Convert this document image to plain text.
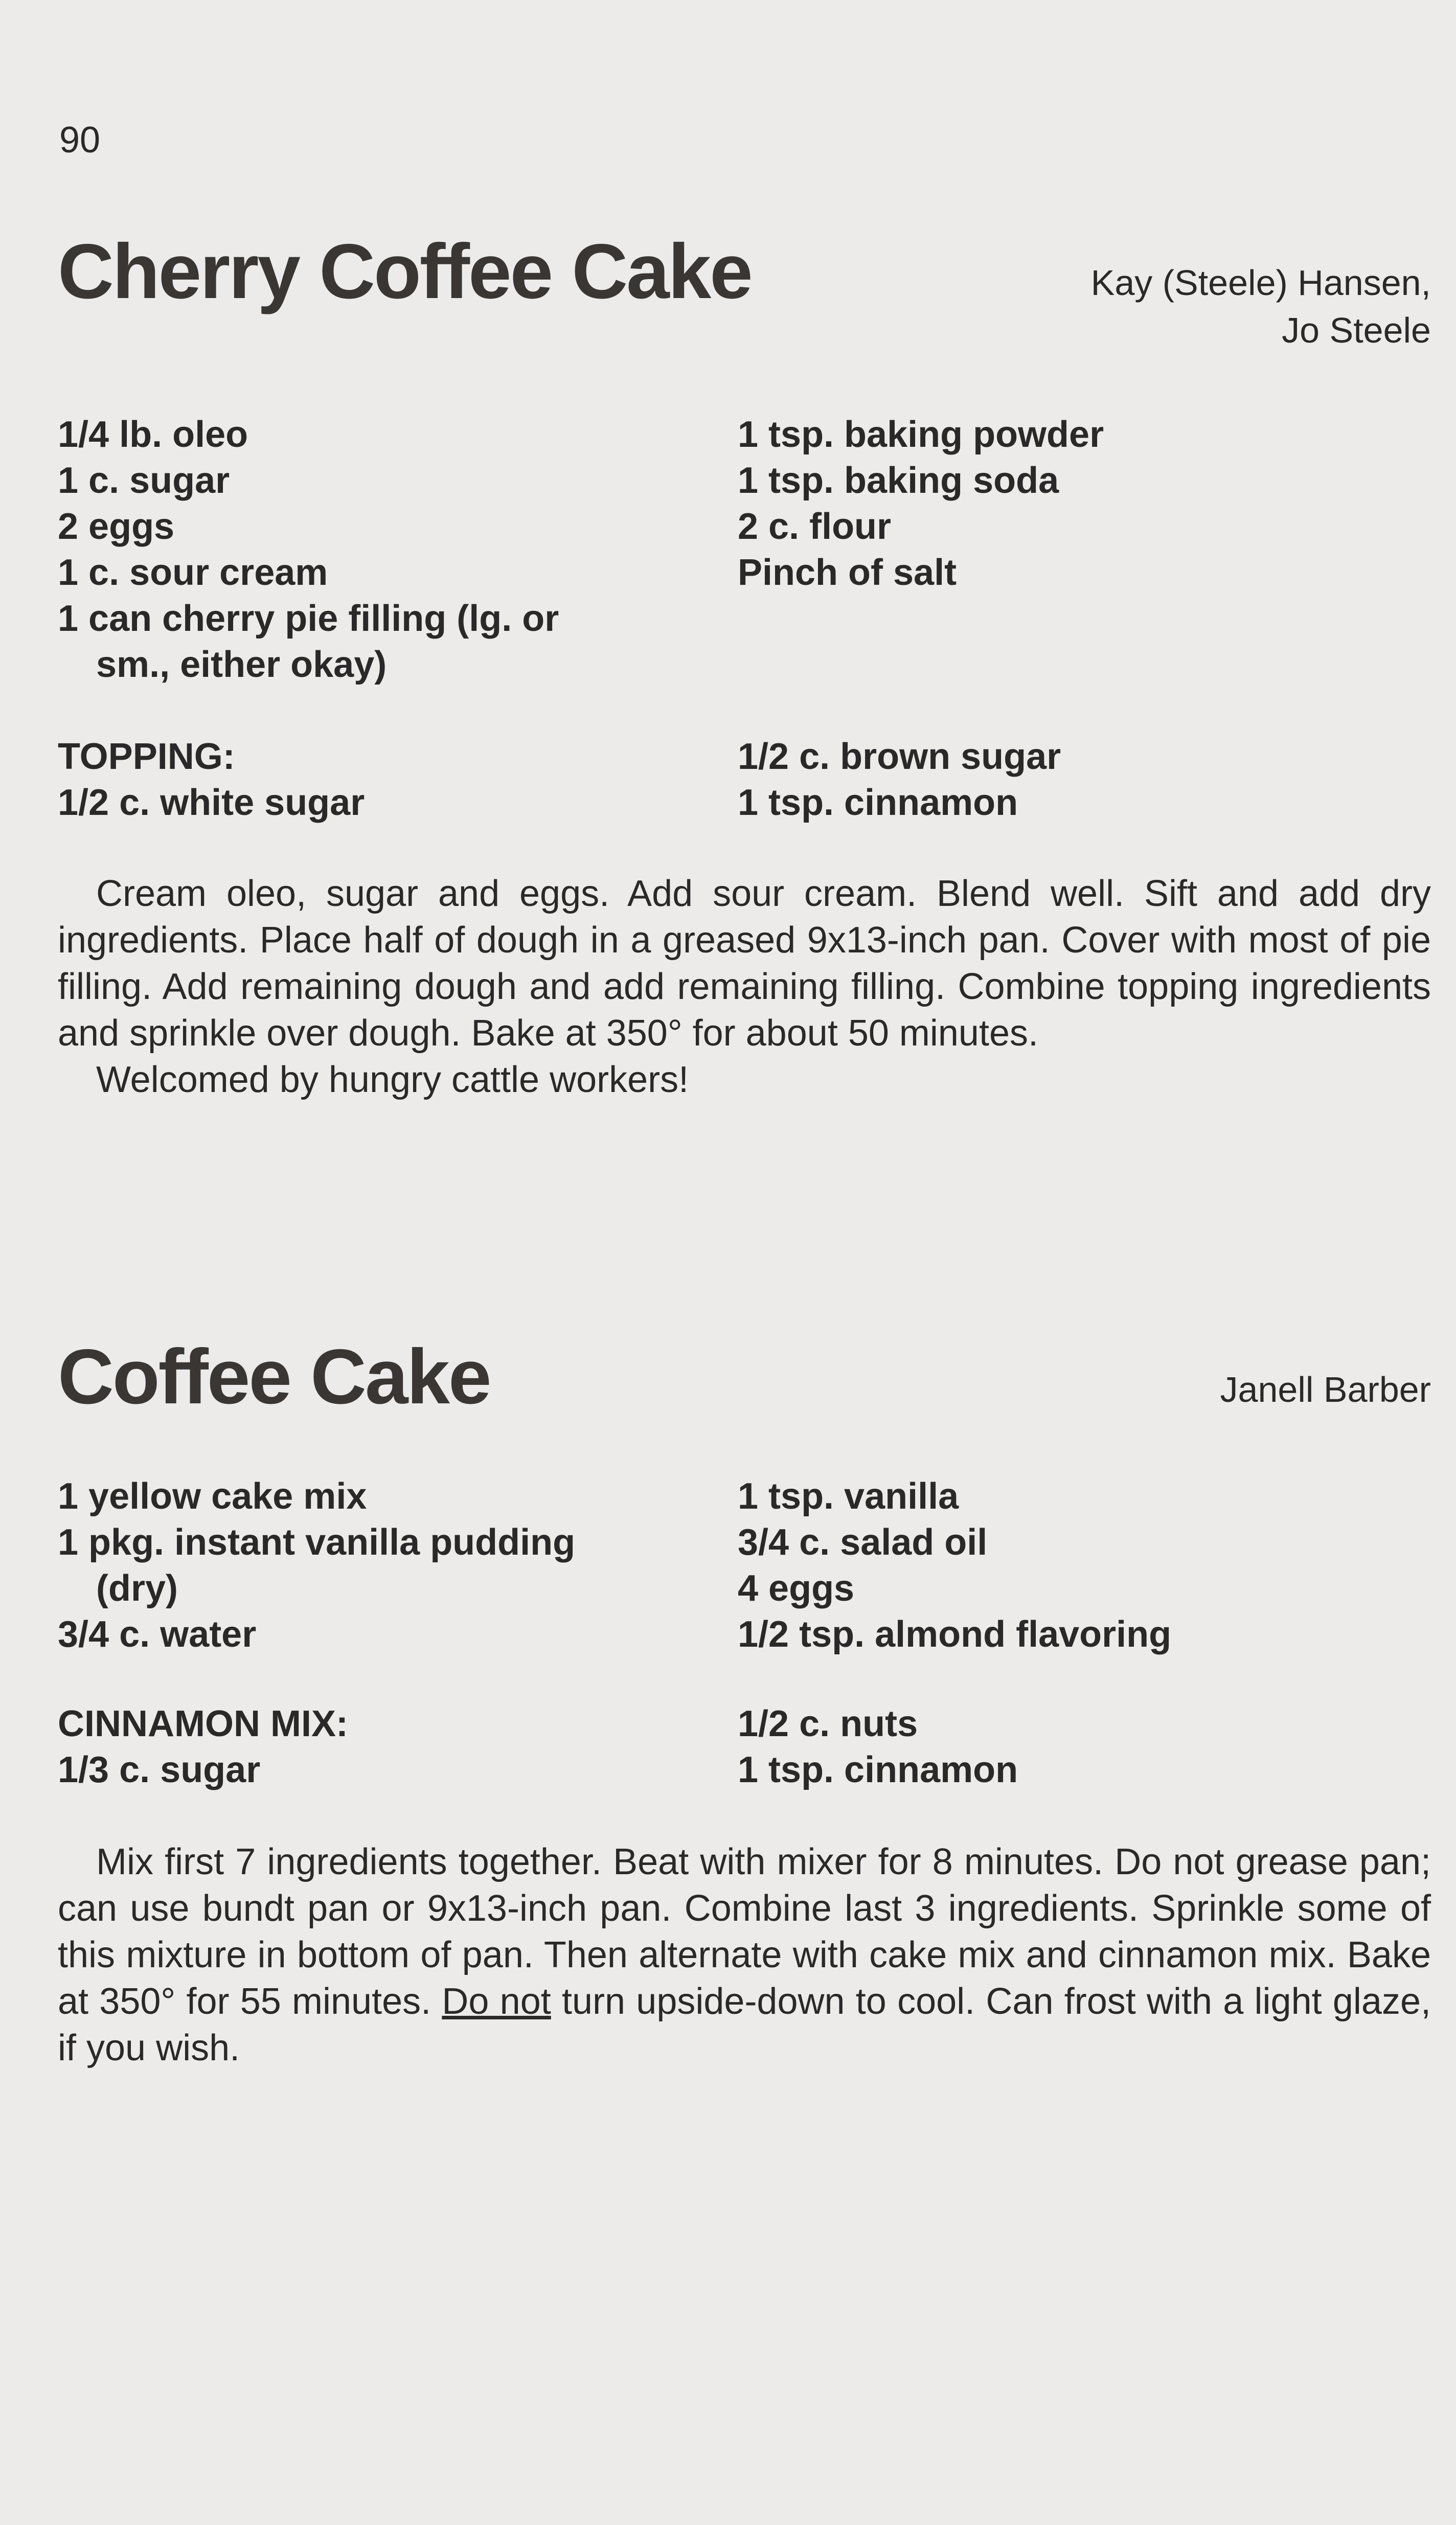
90
Cherry Coffee Cake	Kay (Steele) Hansen,
Jo Steele
1/4 lb. oleo
1 c. sugar
2 eggs
1 c. sour cream
1 can cherry pie filling (lg. or
sm., either okay)
1 tsp. baking powder
1 tsp. baking soda
2 c. flour
Pinch of salt
TOPPING:
1/2 c. white sugar
1/2 c. brown sugar
1 tsp. cinnamon

Cream oleo, sugar and eggs. Add sour cream. Blend well. Sift and add dry ingredients. Place half of dough in a greased 9x13-inch pan. Cover with most of pie filling. Add remaining dough and add remaining filling. Combine topping ingredients and sprinkle over dough. Bake at 350° for about 50 minutes.

Welcomed by hungry cattle workers!

Coffee Cake	Janell Barber
1 yellow cake mix
1 pkg. instant vanilla pudding
(dry)
3/4 c. water
1 tsp. vanilla
3/4 c. salad oil
4 eggs
1/2 tsp. almond flavoring
CINNAMON MIX:
1/3 c. sugar
1/2 c. nuts
1 tsp. cinnamon

Mix first 7 ingredients together. Beat with mixer for 8 minutes. Do not grease pan; can use bundt pan or 9x13-inch pan. Combine last 3 ingredients. Sprinkle some of this mixture in bottom of pan. Then alternate with cake mix and cinnamon mix. Bake at 350° for 55 minutes. Do not turn upside-down to cool. Can frost with a light glaze, if you wish.
